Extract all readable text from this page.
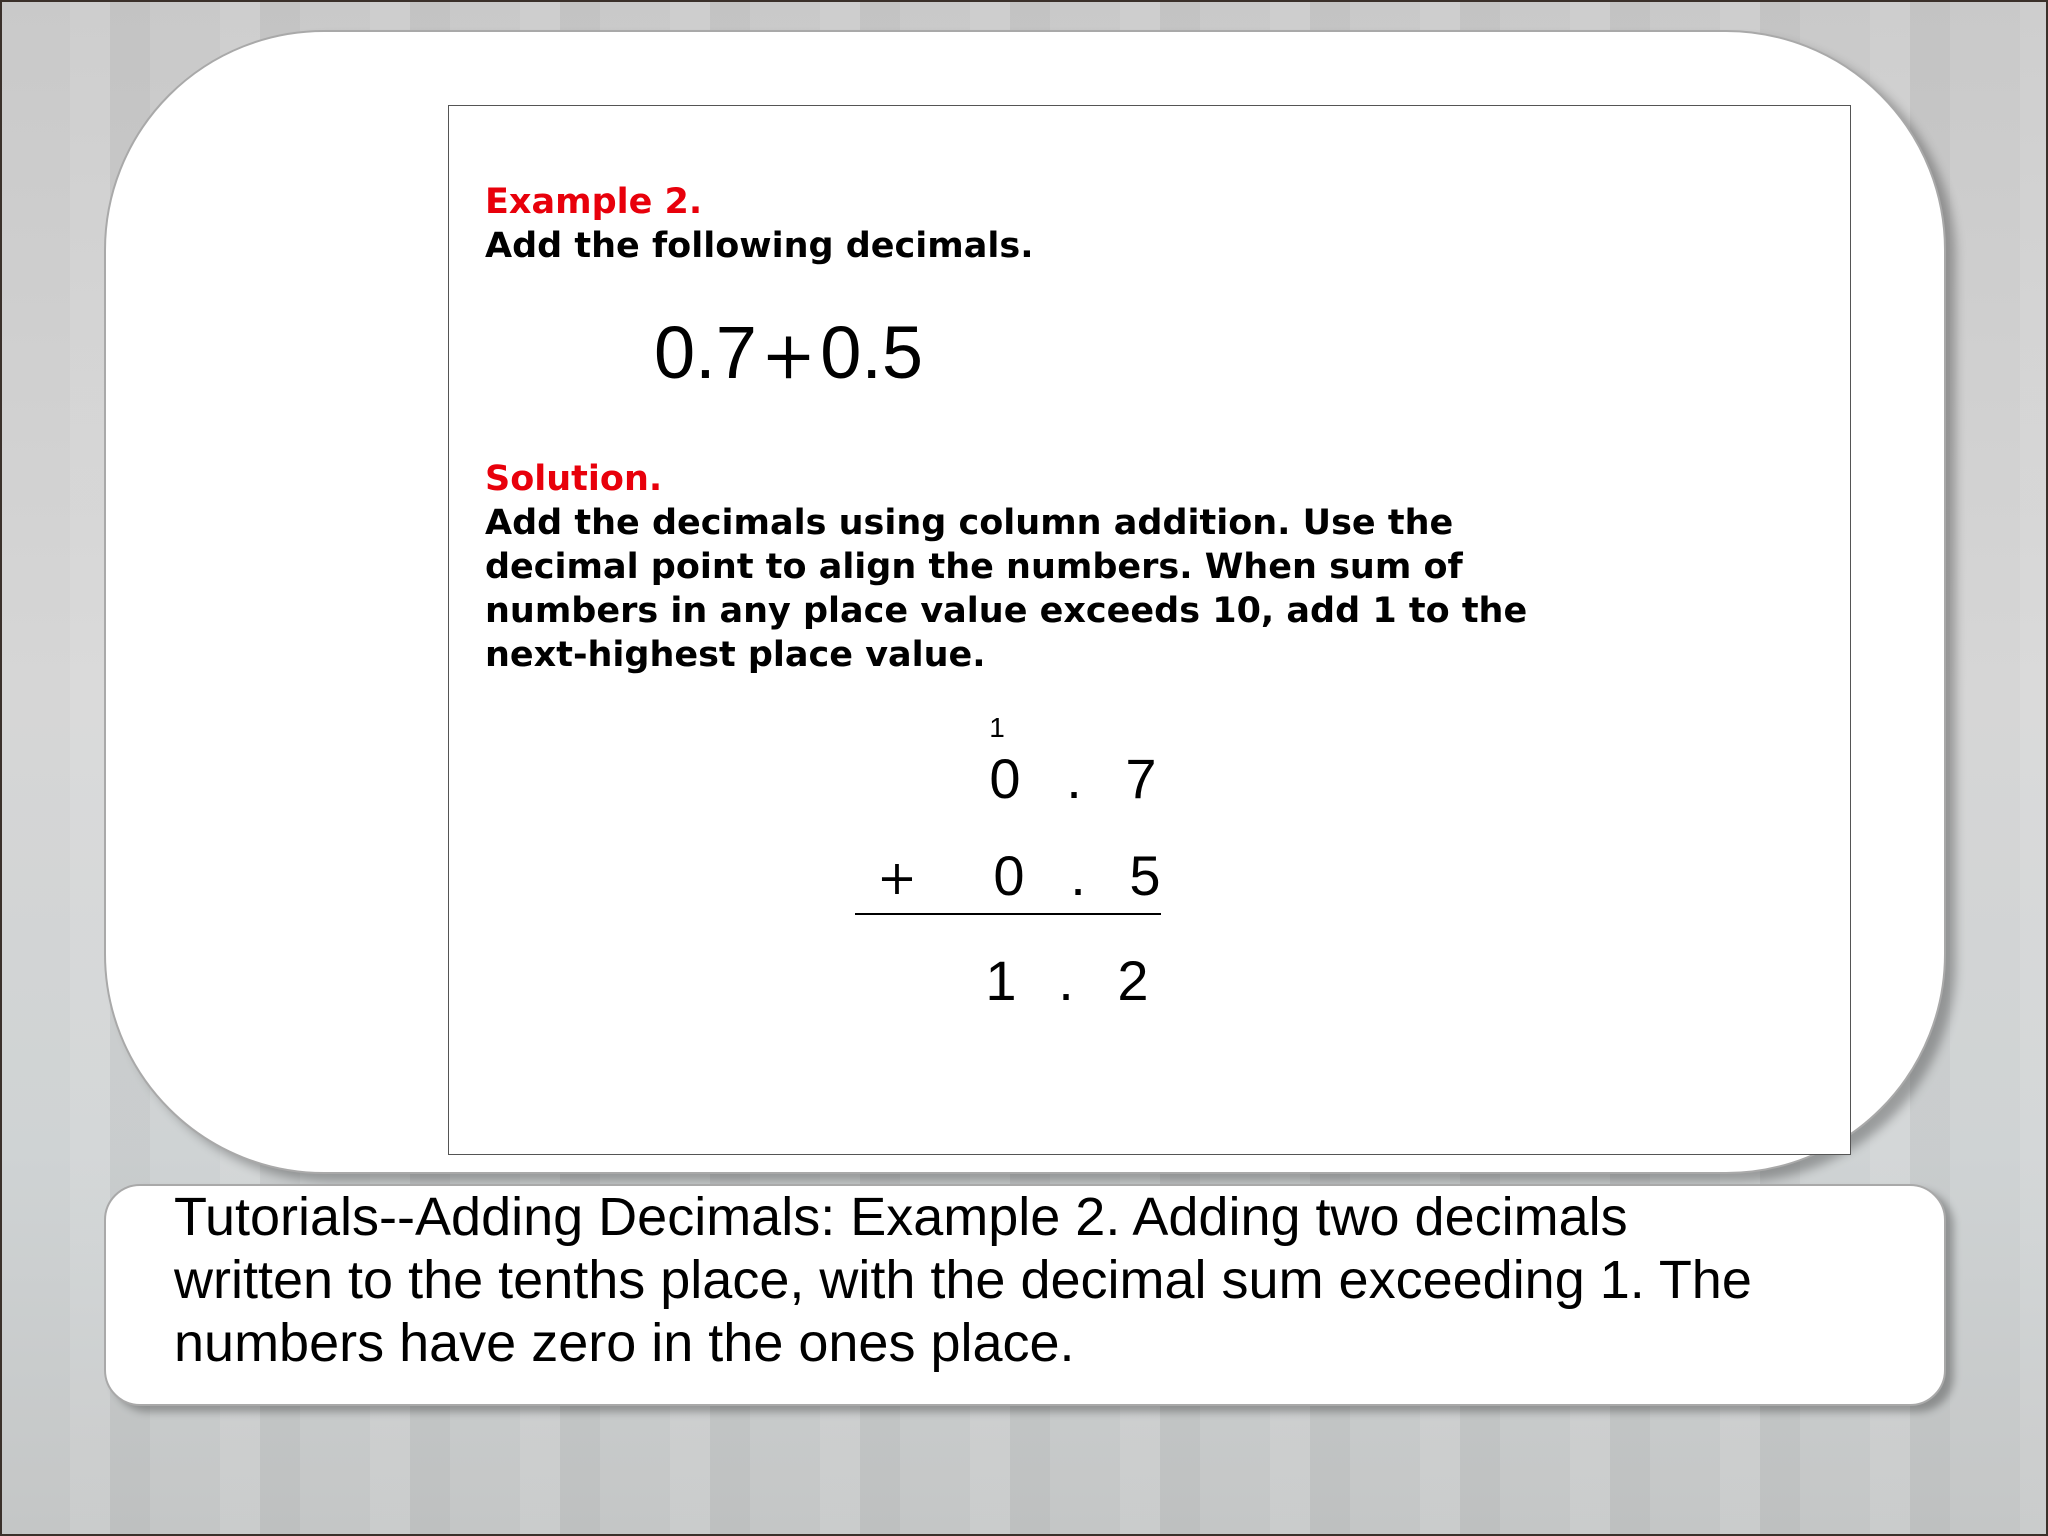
Example 2.
Add the following decimals.
0.7+0.5
Solution.
Add the decimals using column addition. Use the
decimal point to align the numbers. When sum of
numbers in any place value exceeds 10, add 1 to the
next-highest place value.
1
0 . 7
+ 0 . 5
1 . 2
Tutorials--Adding Decimals: Example 2. Adding two decimals
written to the tenths place, with the decimal sum exceeding 1. The
numbers have zero in the ones place.
